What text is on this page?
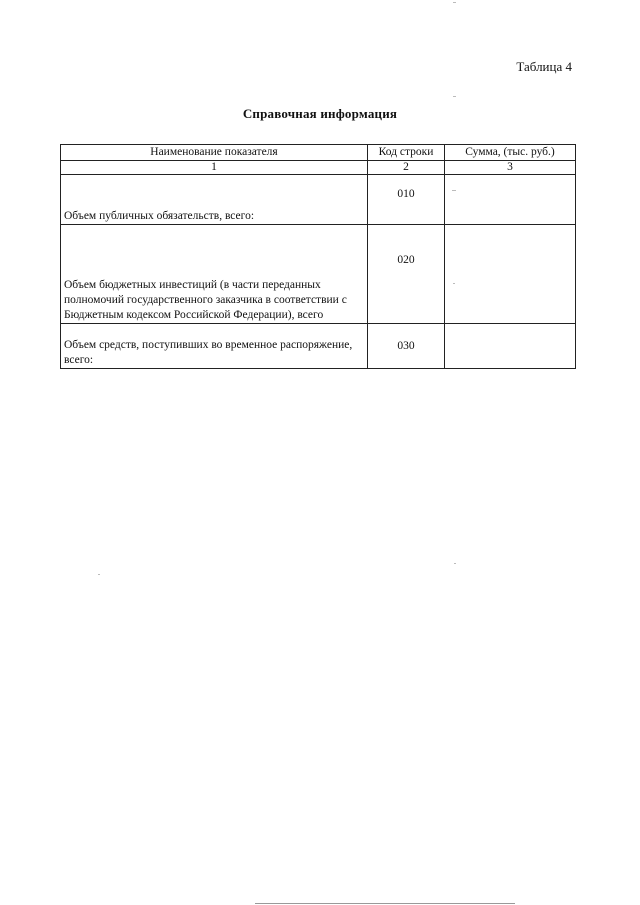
Таблица 4
Справочная информация
Наименование показателя	Код строки	Сумма, (тыс. руб.)
1	2	3
Объем публичных обязательств, всего:	010	
Объем бюджетных инвестиций (в части переданных полномочий государственного заказчика в соответствии с Бюджетным кодексом Российской Федерации), всего	020	
Объем средств, поступивших во временное распоряжение, всего:	030	
